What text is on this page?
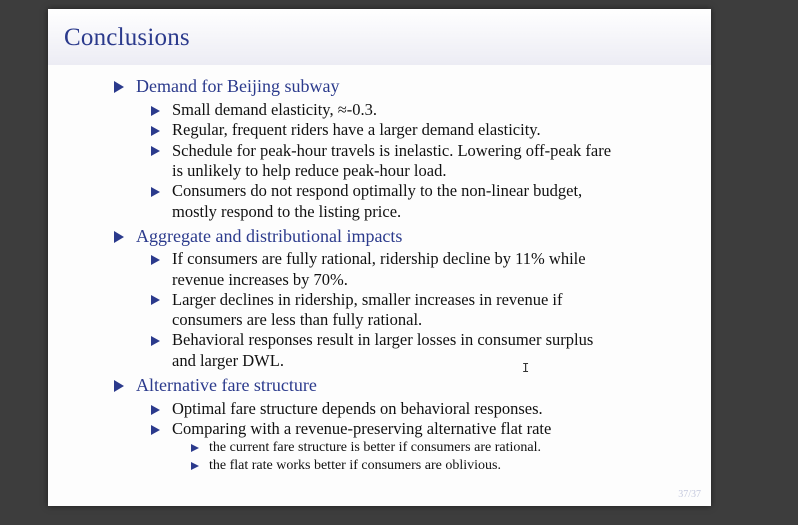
Conclusions
Demand for Beijing subway
Small demand elasticity, ≈-0.3.
Regular, frequent riders have a larger demand elasticity.
Schedule for peak-hour travels is inelastic. Lowering off-peak fare
is unlikely to help reduce peak-hour load.
Consumers do not respond optimally to the non-linear budget,
mostly respond to the listing price.
Aggregate and distributional impacts
If consumers are fully rational, ridership decline by 11% while
revenue increases by 70%.
Larger declines in ridership, smaller increases in revenue if
consumers are less than fully rational.
Behavioral responses result in larger losses in consumer surplus
and larger DWL.
Alternative fare structure
Optimal fare structure depends on behavioral responses.
Comparing with a revenue-preserving alternative flat rate
the current fare structure is better if consumers are rational.
the flat rate works better if consumers are oblivious.
37/37
I
